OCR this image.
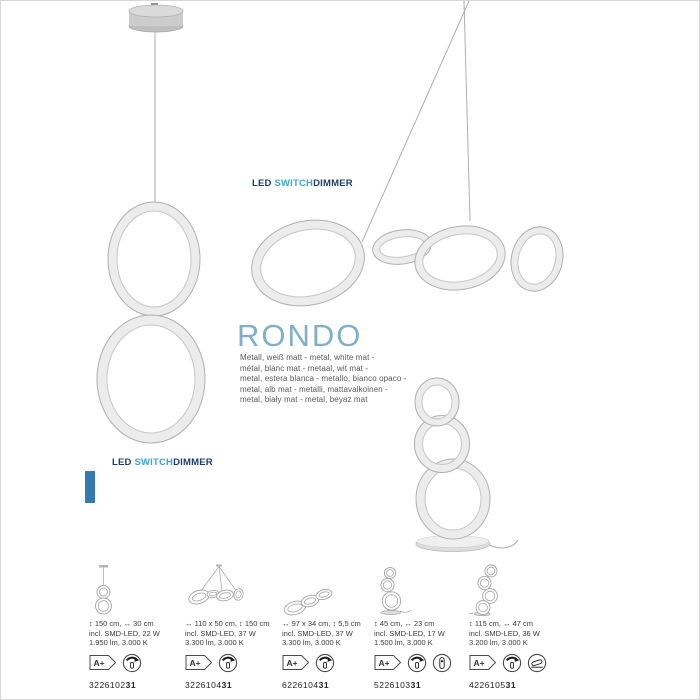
LED SWITCHDIMMER
LED SWITCHDIMMER
RONDO
Metall, weiß matt - metal, white mat -
métal, blanc mat - metaal, wit mat -
metal, estera blanca - metallo, bianco opaco -
metal, alb mat - metalli, mattavalkoinen -
metal, biały mat - metal, beyaz mat
↕ 150 cm, ↔ 30 cm
incl. SMD-LED, 22 W
1.950 lm, 3.000 K
A+
322610231
↔ 110 x 50 cm, ↕ 150 cm
incl. SMD-LED, 37 W
3.300 lm, 3.000 K
A+
322610431
↔ 97 x 34 cm, ↕ 5,5 cm
incl. SMD-LED, 37 W
3.300 lm, 3.000 K
A+
622610431
↕ 45 cm, ↔ 23 cm
incl. SMD-LED, 17 W
1.500 lm, 3.000 K
A+
522610331
↕ 115 cm, ↔ 47 cm
incl. SMD-LED, 36 W
3.200 lm, 3.000 K
A+
422610531
